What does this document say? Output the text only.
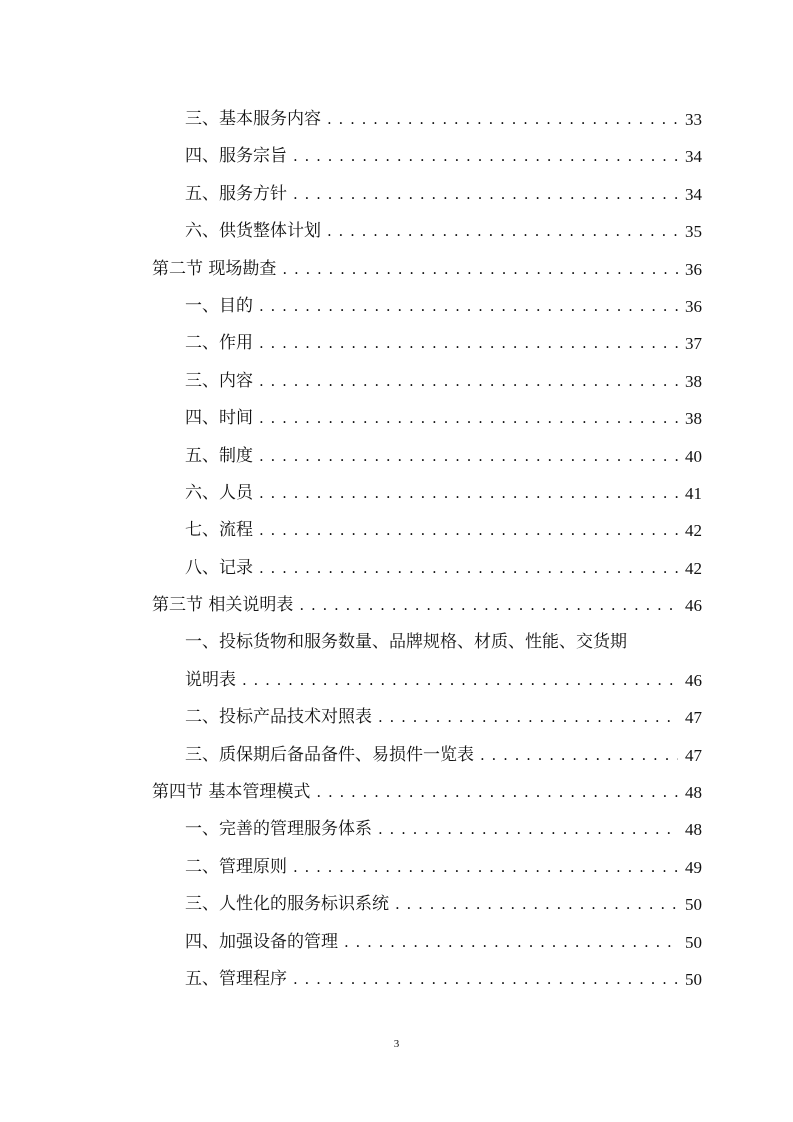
三、基本服务内容 . . .	33
四、服务宗旨 . . .	34
五、服务方针 . . .	34
六、供货整体计划 . . .	35
第二节 现场勘查 . . .	36
一、目的 . . .	36
二、作用 . . .	37
三、内容 . . .	38
四、时间 . . .	38
五、制度 . . .	40
六、人员 . . .	41
七、流程 . . .	42
八、记录 . . .	42
第三节 相关说明表 . . .	46
一、投标货物和服务数量、品牌规格、材质、性能、交货期
说明表 . . .	46
二、投标产品技术对照表 . . .	47
三、质保期后备品备件、易损件一览表 . . .	47
第四节 基本管理模式 . . .	48
一、完善的管理服务体系 . . .	48
二、管理原则 . . .	49
三、人性化的服务标识系统 . . .	50
四、加强设备的管理 . . .	50
五、管理程序 . . .	50
3
